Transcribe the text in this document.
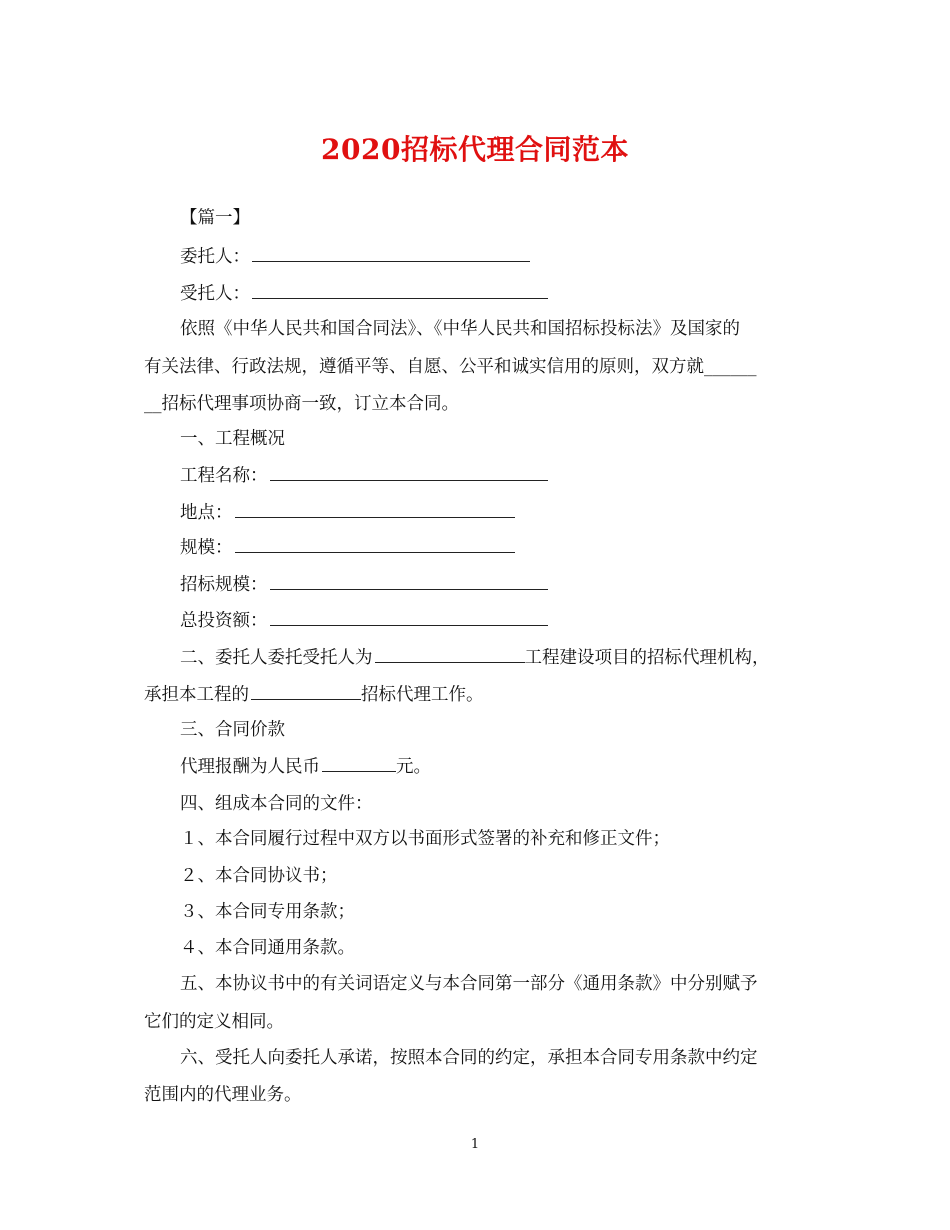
2020招标代理合同范本
【篇一】
委托人：
受托人：
依照《中华人民共和国合同法》、《中华人民共和国招标投标法》及国家的
有关法律、行政法规，遵循平等、自愿、公平和诚实信用的原则，双方就______
__招标代理事项协商一致，订立本合同。
一、工程概况
工程名称：
地点：
规模：
招标规模：
总投资额：
二、委托人委托受托人为	工程建设项目的招标代理机构，
承担本工程的	招标代理工作。
三、合同价款
代理报酬为人民币	元。
四、组成本合同的文件：
１、本合同履行过程中双方以书面形式签署的补充和修正文件；
２、本合同协议书；
３、本合同专用条款；
４、本合同通用条款。
五、本协议书中的有关词语定义与本合同第一部分《通用条款》中分别赋予
它们的定义相同。
六、受托人向委托人承诺，按照本合同的约定，承担本合同专用条款中约定
范围内的代理业务。
1
